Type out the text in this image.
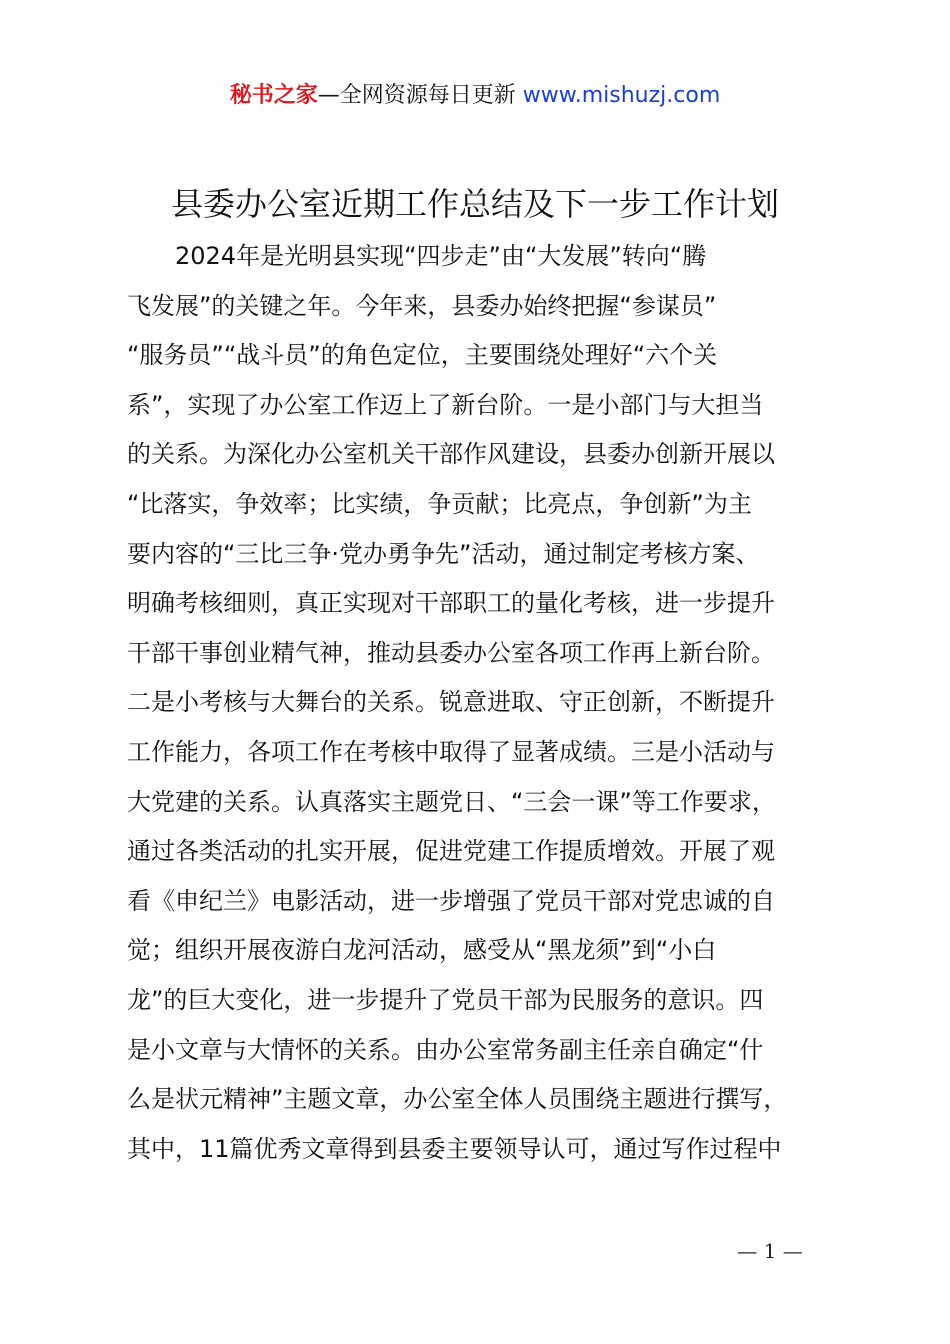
秘书之家—全网资源每日更新 www.mishuzj.com
县委办公室近期工作总结及下一步工作计划
　　2024年是光明县实现“四步走”由“大发展”转向“腾
飞发展”的关键之年。今年来，县委办始终把握“参谋员”
“服务员”“战斗员”的角色定位，主要围绕处理好“六个关
系”，实现了办公室工作迈上了新台阶。一是小部门与大担当
的关系。为深化办公室机关干部作风建设，县委办创新开展以
“比落实，争效率；比实绩，争贡献；比亮点，争创新”为主
要内容的“三比三争·党办勇争先”活动，通过制定考核方案、
明确考核细则，真正实现对干部职工的量化考核，进一步提升
干部干事创业精气神，推动县委办公室各项工作再上新台阶。
二是小考核与大舞台的关系。锐意进取、守正创新，不断提升
工作能力，各项工作在考核中取得了显著成绩。三是小活动与
大党建的关系。认真落实主题党日、“三会一课”等工作要求，
通过各类活动的扎实开展，促进党建工作提质增效。开展了观
看《申纪兰》电影活动，进一步增强了党员干部对党忠诚的自
觉；组织开展夜游白龙河活动，感受从“黑龙须”到“小白
龙”的巨大变化，进一步提升了党员干部为民服务的意识。四
是小文章与大情怀的关系。由办公室常务副主任亲自确定“什
么是状元精神”主题文章，办公室全体人员围绕主题进行撰写，
其中，11篇优秀文章得到县委主要领导认可，通过写作过程中
— 1 —
